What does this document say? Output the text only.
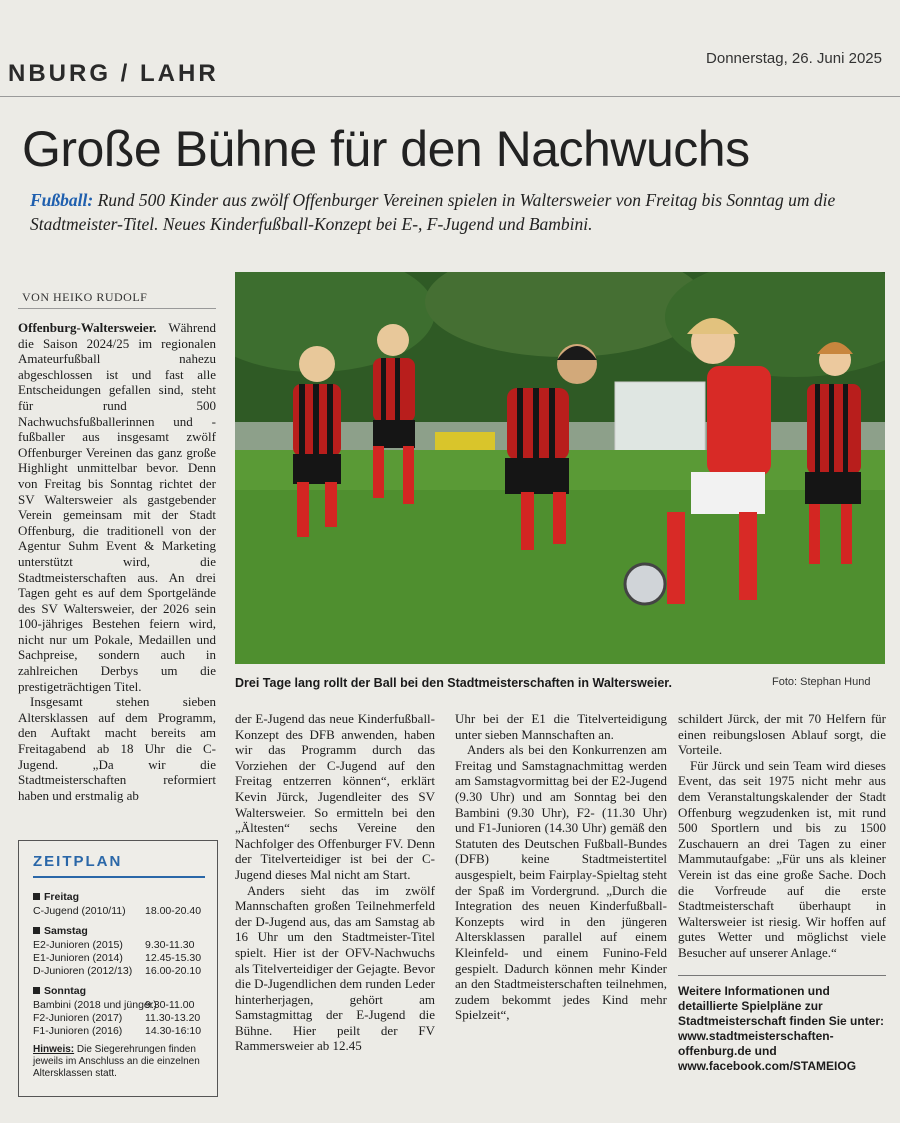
NBURG / LAHR
Donnerstag, 26. Juni 2025
Große Bühne für den Nachwuchs
Fußball: Rund 500 Kinder aus zwölf Offenburger Vereinen spielen in Waltersweier von Freitag bis Sonntag um die Stadtmeister-Titel. Neues Kinderfußball-Konzept bei E-, F-Jugend und Bambini.
VON HEIKO RUDOLF

Offenburg-Waltersweier. Während die Saison 2024/25 im regionalen Amateurfußball nahezu abgeschlossen ist und fast alle Entscheidungen gefallen sind, steht für rund 500 Nachwuchsfußballerinnen und -fußballer aus insgesamt zwölf Offenburger Vereinen das ganz große Highlight unmittelbar bevor. Denn von Freitag bis Sonntag richtet der SV Waltersweier als gastgebender Verein gemeinsam mit der Stadt Offenburg, die traditionell von der Agentur Suhm Event & Marketing unterstützt wird, die Stadtmeisterschaften aus. An drei Tagen geht es auf dem Sportgelände des SV Waltersweier, der 2026 sein 100-jähriges Bestehen feiern wird, nicht nur um Pokale, Medaillen und Sachpreise, sondern auch in zahlreichen Derbys um die prestigeträchtigen Titel.

Insgesamt stehen sieben Altersklassen auf dem Programm, den Auftakt macht bereits am Freitagabend ab 18 Uhr die C-Jugend. „Da wir die Stadtmeisterschaften reformiert haben und erstmalig ab

Drei Tage lang rollt der Ball bei den Stadtmeisterschaften in Waltersweier.	Foto: Stephan Hund

der E-Jugend das neue Kinderfußball-Konzept des DFB anwenden, haben wir das Programm durch das Vorziehen der C-Jugend auf den Freitag entzerren können“, erklärt Kevin Jürck, Jugendleiter des SV Waltersweier. So ermitteln bei den „Ältesten“ sechs Vereine den Nachfolger des Offenburger FV. Denn der Titelverteidiger ist bei der C-Jugend dieses Mal nicht am Start.

Anders sieht das im zwölf Mannschaften großen Teilnehmerfeld der D-Jugend aus, das am Samstag ab 16 Uhr um den Stadtmeister-Titel spielt. Hier ist der OFV-Nachwuchs als Titelverteidiger der Gejagte. Bevor die D-Jugendlichen dem runden Leder hinterherjagen, gehört am Samstagmittag der E-Jugend die Bühne. Hier peilt der FV Rammersweier ab 12.45

Uhr bei der E1 die Titelverteidigung unter sieben Mannschaften an.

Anders als bei den Konkurrenzen am Freitag und Samstagnachmittag werden am Samstagvormittag bei der E2-Jugend (9.30 Uhr) und am Sonntag bei den Bambini (9.30 Uhr), F2- (11.30 Uhr) und F1-Junioren (14.30 Uhr) gemäß den Statuten des Deutschen Fußball-Bundes (DFB) keine Stadtmeistertitel ausgespielt, beim Fairplay-Spieltag steht der Spaß im Vordergrund. „Durch die Integration des neuen Kinderfußball-Konzepts wird in den jüngeren Altersklassen parallel auf einem Kleinfeld- und einem Funino-Feld gespielt. Dadurch können mehr Kinder an den Stadtmeisterschaften teilnehmen, zudem bekommt jedes Kind mehr Spielzeit“,

schildert Jürck, der mit 70 Helfern für einen reibungslosen Ablauf sorgt, die Vorteile.

Für Jürck und sein Team wird dieses Event, das seit 1975 nicht mehr aus dem Veranstaltungskalender der Stadt Offenburg wegzudenken ist, mit rund 500 Sportlern und bis zu 1500 Zuschauern an drei Tagen zu einer Mammutaufgabe: „Für uns als kleiner Verein ist das eine große Sache. Doch die Vorfreude auf die erste Stadtmeisterschaft überhaupt in Waltersweier ist riesig. Wir hoffen auf gutes Wetter und möglichst viele Besucher auf unserer Anlage.“

Weitere Informationen und detaillierte Spielpläne zur Stadtmeisterschaft finden Sie unter: www.stadtmeisterschaften-offenburg.de und www.facebook.com/STAMEIOG
ZEITPLAN
Freitag
C-Jugend (2010/11) 18.00-20.40
Samstag
E2-Junioren (2015) 9.30-11.30
E1-Junioren (2014) 12.45-15.30
D-Junioren (2012/13) 16.00-20.10
Sonntag
Bambini (2018 und jünger)
9.30-11.00
F2-Junioren (2017) 11.30-13.20
F1-Junioren (2016) 14.30-16:10
Hinweis: Die Siegerehrungen finden jeweils im Anschluss an die einzelnen Altersklassen statt.
